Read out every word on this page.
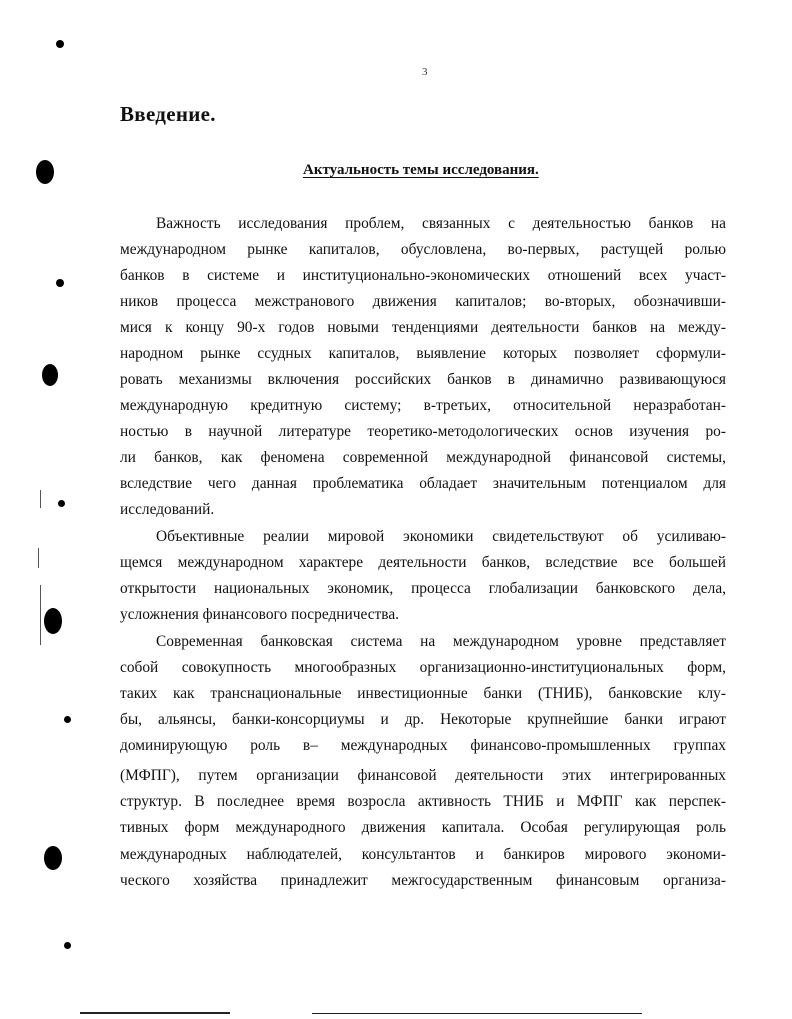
3
Введение.
Актуальность темы исследования.
Важность исследования проблем, связанных с деятельностью банков на
международном рынке капиталов, обусловлена, во-первых, растущей ролью
банков в системе и институционально-экономических отношений всех участ-
ников процесса межстранового движения капиталов; во-вторых, обозначивши-
мися к концу 90-х годов новыми тенденциями деятельности банков на между-
народном рынке ссудных капиталов, выявление которых позволяет сформули-
ровать механизмы включения российских банков в динамично развивающуюся
международную кредитную систему; в-третьих, относительной неразработан-
ностью в научной литературе теоретико-методологических основ изучения ро-
ли банков, как феномена современной международной финансовой системы,
вследствие чего данная проблематика обладает значительным потенциалом для
исследований.
Объективные реалии мировой экономики свидетельствуют об усиливаю-
щемся международном характере деятельности банков, вследствие все большей
открытости национальных экономик, процесса глобализации банковского дела,
усложнения финансового посредничества.
Современная банковская система на международном уровне представляет
собой совокупность многообразных организационно-институциональных форм,
таких как транснациональные инвестиционные банки (ТНИБ), банковские клу-
бы, альянсы, банки-консорциумы и др. Некоторые крупнейшие банки играют
доминирующую роль в– международных финансово-промышленных группах
(МФПГ), путем организации финансовой деятельности этих интегрированных
структур. В последнее время возросла активность ТНИБ и МФПГ как перспек-
тивных форм международного движения капитала. Особая регулирующая роль
международных наблюдателей, консультантов и банкиров мирового экономи-
ческого хозяйства принадлежит межгосударственным финансовым организа-
